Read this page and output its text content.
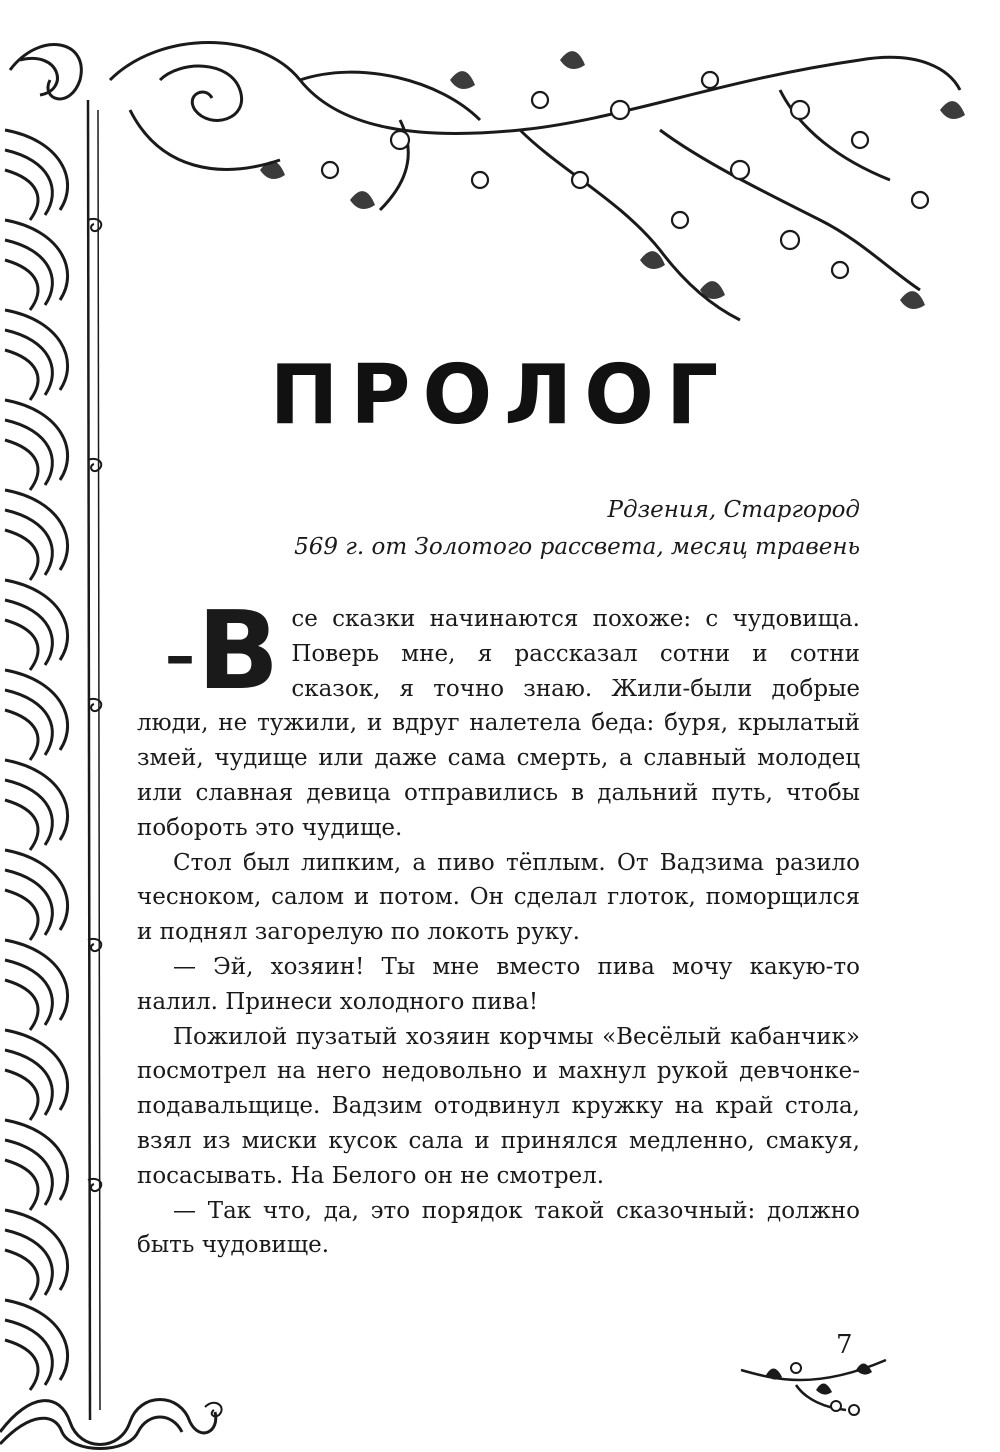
ПРОЛОГ
Рдзения, Старгород
569 г. от Золотого рассвета, месяц травень

– В се сказки начинаются похоже: с чудовища. Поверь мне, я рассказал сотни и сотни сказок, я точно знаю. Жили-были добрые люди, не тужили, и вдруг налетела беда: буря, крылатый змей, чудище или даже сама смерть, а славный молодец или славная девица отправились в дальний путь, чтобы побороть это чудище.

Стол был липким, а пиво тёплым. От Вадзима разило чесноком, салом и потом. Он сделал глоток, поморщился и поднял загорелую по локоть руку.

— Эй, хозяин! Ты мне вместо пива мочу какую-то налил. Принеси холодного пива!

Пожилой пузатый хозяин корчмы «Весёлый кабанчик» посмотрел на него недовольно и махнул рукой девчонке-подавальщице. Вадзим отодвинул кружку на край стола, взял из миски кусок сала и принялся медленно, смакуя, посасывать. На Белого он не смотрел.

— Так что, да, это порядок такой сказочный: должно быть чудовище.

7
